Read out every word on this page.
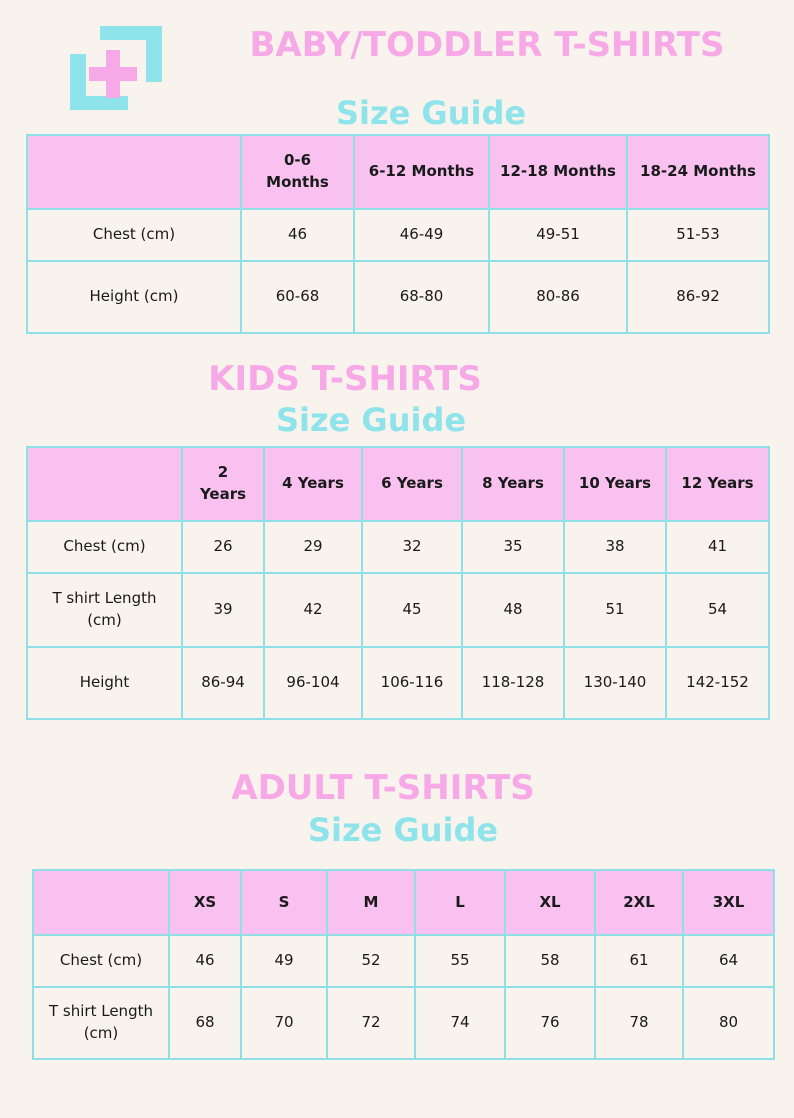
BABY/TODDLER T-SHIRTS
Size Guide
	0-6 Months	6-12 Months	12-18 Months	18-24 Months
Chest (cm)	46	46-49	49-51	51-53
Height (cm)	60-68	68-80	80-86	86-92
KIDS T-SHIRTS
Size Guide
	2 Years	4 Years	6 Years	8 Years	10 Years	12 Years
Chest (cm)	26	29	32	35	38	41
T shirt Length (cm)	39	42	45	48	51	54
Height	86-94	96-104	106-116	118-128	130-140	142-152
ADULT T-SHIRTS
Size Guide
	XS	S	M	L	XL	2XL	3XL
Chest (cm)	46	49	52	55	58	61	64
T shirt Length (cm)	68	70	72	74	76	78	80
